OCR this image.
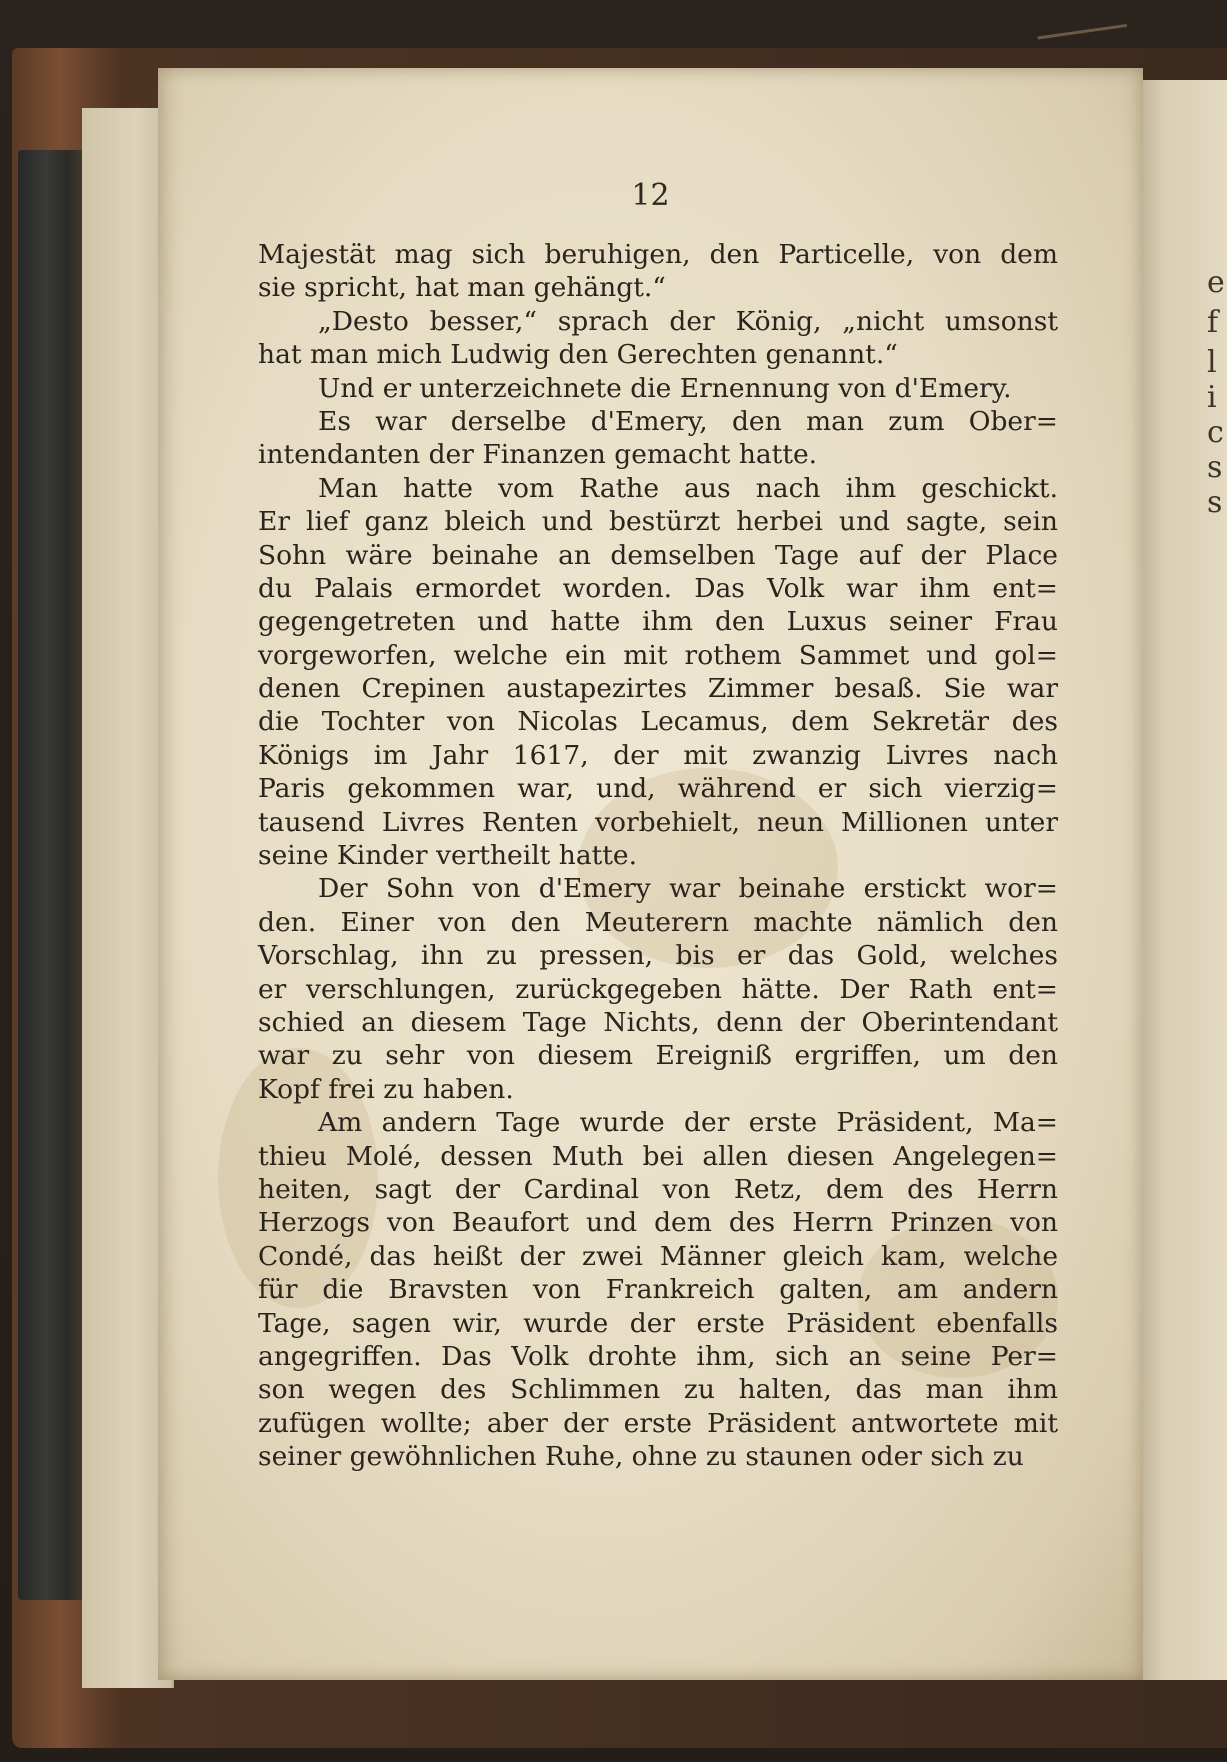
e
f
l
i
c
s
s
12
Majestät mag sich beruhigen, den Particelle, von dem
sie spricht, hat man gehängt.“
„Desto besser,“ sprach der König, „nicht umsonst
hat man mich Ludwig den Gerechten genannt.“
Und er unterzeichnete die Ernennung von d'Emery.
Es war derselbe d'Emery, den man zum Ober=
intendanten der Finanzen gemacht hatte.
Man hatte vom Rathe aus nach ihm geschickt.
Er lief ganz bleich und bestürzt herbei und sagte, sein
Sohn wäre beinahe an demselben Tage auf der Place
du Palais ermordet worden. Das Volk war ihm ent=
gegengetreten und hatte ihm den Luxus seiner Frau
vorgeworfen, welche ein mit rothem Sammet und gol=
denen Crepinen austapezirtes Zimmer besaß. Sie war
die Tochter von Nicolas Lecamus, dem Sekretär des
Königs im Jahr 1617, der mit zwanzig Livres nach
Paris gekommen war, und, während er sich vierzig=
tausend Livres Renten vorbehielt, neun Millionen unter
seine Kinder vertheilt hatte.
Der Sohn von d'Emery war beinahe erstickt wor=
den. Einer von den Meuterern machte nämlich den
Vorschlag, ihn zu pressen, bis er das Gold, welches
er verschlungen, zurückgegeben hätte. Der Rath ent=
schied an diesem Tage Nichts, denn der Oberintendant
war zu sehr von diesem Ereigniß ergriffen, um den
Kopf frei zu haben.
Am andern Tage wurde der erste Präsident, Ma=
thieu Molé, dessen Muth bei allen diesen Angelegen=
heiten, sagt der Cardinal von Retz, dem des Herrn
Herzogs von Beaufort und dem des Herrn Prinzen von
Condé, das heißt der zwei Männer gleich kam, welche
für die Bravsten von Frankreich galten, am andern
Tage, sagen wir, wurde der erste Präsident ebenfalls
angegriffen. Das Volk drohte ihm, sich an seine Per=
son wegen des Schlimmen zu halten, das man ihm
zufügen wollte; aber der erste Präsident antwortete mit
seiner gewöhnlichen Ruhe, ohne zu staunen oder sich zu
